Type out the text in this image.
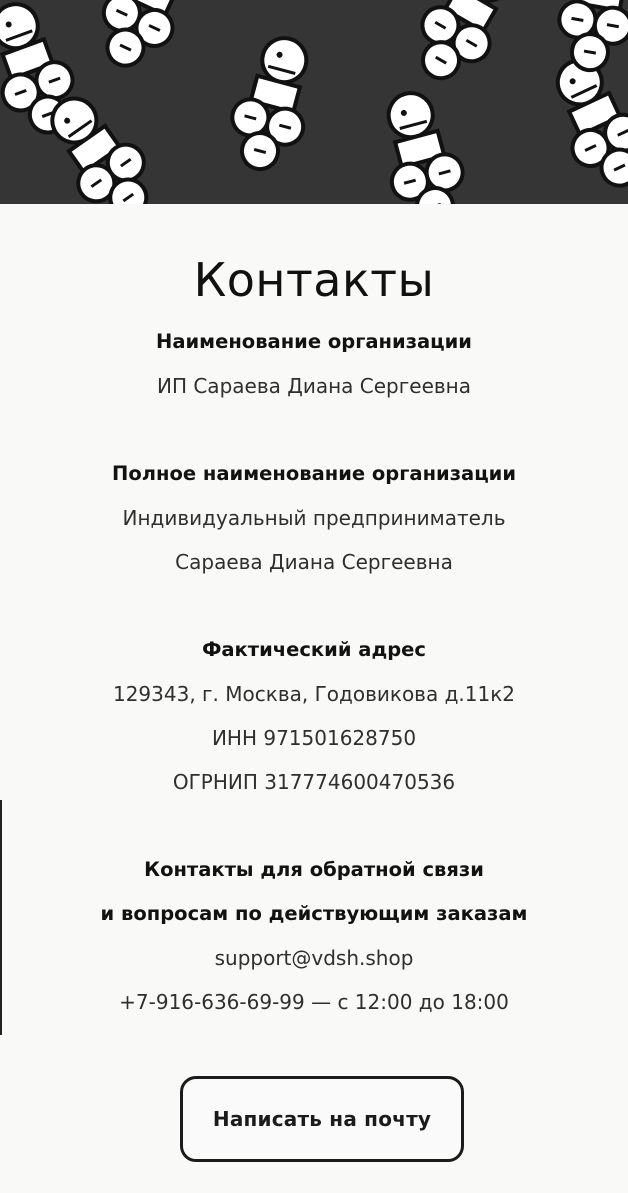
Контакты

Наименование организации

ИП Сараева Диана Сергеевна

Полное наименование организации

Индивидуальный предприниматель

Сараева Диана Сергеевна

Фактический адрес

129343, г. Москва, Годовикова д.11к2

ИНН 971501628750

ОГРНИП 317774600470536

Контакты для обратной связи

и вопросам по действующим заказам

support@vdsh.shop

+7-916-636-69-99 — с 12:00 до 18:00

Написать на почту
